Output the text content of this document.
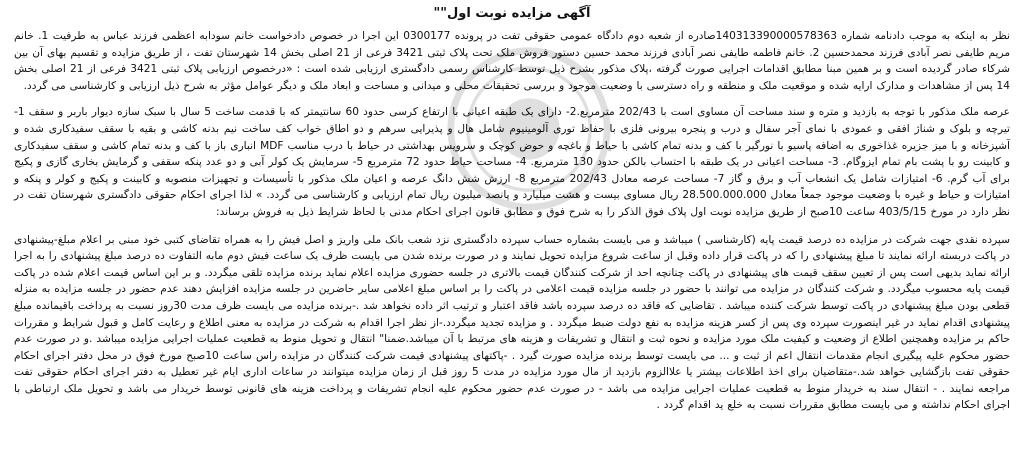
آگهی مزایده نوبت اول""

نظر به اینکه به موجب دادنامه شماره 140313390000578363صادره از شعبه دوم دادگاه عمومی حقوقی تفت در پرونده 0300177 این اجرا در خصوص دادخواست خانم سودابه اعظمی فرزند عباس به طرفیت 1. خانم مریم طایفی نصر آبادی فرزند محمدحسین 2. خانم فاطمه طایفی نصر آبادی فرزند محمد حسین دستور فروش ملک تحت پلاک ثبتی 3421 فرعی از 21 اصلی بخش 14 شهرستان تفت ، از طریق مزایده و تقسیم بهای آن بین شرکاء صادر گردیده است و بر همین مبنا مطابق اقدامات اجرایی صورت گرفته ،پلاک مذکور بشرح ذیل توسط کارشناس رسمی دادگستری ارزیابی شده است : «درخصوص ارزیابی پلاک ثبتی 3421 فرعی از 21 اصلی بخش 14 پس از مشاهدات و مدارک ارایه شده و موقعیت ملک و منطقه و راه دسترسی با وضعیت موجود و بررسی تحقیقات محلی و میدانی و مساحت و ابعاد ملک و دیگر عوامل مؤثر به شرح ذیل ارزیابی و کارشناسی می گردد.

عرصه ملک مذکور با توجه به بازدید و متره و سند مساحت آن مساوی است با 202/43 مترمربع.2- دارای یک طبقه اعیانی با ارتفاع کرسی حدود 60 سانتیمتر که با قدمت ساخت 5 سال با سبک سازه دیوار باربر و سقف 1- تیرچه و بلوک و شناژ افقی و عمودی با نمای آجر سفال و درب و پنجره بیرونی فلزی با حفاظ توری آلومینیوم شامل هال و پذیرایی سرهم و دو اطاق خواب کف ساخت نیم بدنه کاشی و بقیه با سقف سفیدکاری شده و آشپزخانه و با میز جزیره غذاخوری به اضافه پاسیو با نورگیر با کف و بدنه تمام کاشی با حیاط و باغچه و حوض کوچک و سرویس بهداشتی در حیاط با درب مناسب MDF انباری باز با کف و بدنه تمام کاشی و سقف سفیدکاری و کابینت رو با پشت بام تمام ایزوگام. 3- مساحت اعیانی در یک طبقه با احتساب بالکن حدود 130 مترمربع. 4- مساحت حیاط حدود 72 مترمربع 5- سرمایش یک کولر آبی و دو عدد پنکه سقفی و گرمایش بخاری گازی و پکیج برای آب گرم. 6- امتیازات شامل یک انشعاب آب و برق و گاز 7- مساحت عرصه معادل 202/43 مترمربع 8- ارزش شش دانگ عرصه و اعیان ملک مذکور با تأسیسات و تجهیزات منصوبه و کابینت و پکیج و کولر و پنکه و امتیازات و حیاط و غیره با وضعیت موجود جمعاً معادل 28.500.000.000 ریال مساوی بیست و هشت میلیارد و پانصد میلیون ریال تمام ارزیابی و کارشناسی می گردد. » لذا اجرای احکام حقوقی دادگستری شهرستان تفت در نظر دارد در مورخ 403/5/15 ساعت 10صبح از طریق مزایده نوبت اول پلاک فوق الذکر را به شرح فوق و مطابق قانون اجرای احکام مدنی با لحاظ شرایط ذیل به فروش برساند:

سپرده نقدی جهت شرکت در مزایده ده درصد قیمت پایه (کارشناسی ) میباشد و می بایست بشماره حساب سپرده دادگستری نزد شعب بانک ملی واریز و اصل فیش را به همراه تقاضای کتبی خود مبنی بر اعلام مبلغ-پیشنهادی در پاکت دربسته ارائه نمایند تا مبلغ پیشنهادی را که در پاکت قرار داده وقبل از ساعت شروع مزایده تحویل نمایند و در صورت برنده شدن می بایست ظرف یک ساعت فیش دوم مابه التفاوت ده درصد مبلغ پیشنهادی را به اجرا ارائه نماید بدیهی است پس از تعیین سقف قیمت های پیشنهادی در پاکت چنانچه احد از شرکت کنندگان قیمت بالاتری در جلسه حضوری مزایده اعلام نماید برنده مزایده تلقی میگردد. و بر این اساس قیمت اعلام شده در پاکت قیمت پایه محسوب میگردد. و شرکت کنندگان در مزایده می توانند با حضور در جلسه مزایده قیمت اعلامی در پاکت را بر اساس مبلغ اعلامی سایر حاضرین در جلسه مزایده افزایش دهند عدم حضور در جلسه مزایده به منزله قطعی بودن مبلغ پیشنهادی در پاکت توسط شرکت کننده میباشد . تقاضایی که فاقد ده درصد سپرده باشد فاقد اعتبار و ترتیب اثر داده نخواهد شد .-برنده مزایده می بایست ظرف مدت 30روز نسبت به پرداخت باقیمانده مبلغ پیشنهادی اقدام نماید در غیر اینصورت سپرده وی پس از کسر هزینه مزایده به نفع دولت ضبط میگردد . و مزایده تجدید میگردد.-از نظر اجرا اقدام به شرکت در مزایده به معنی اطلاع و رعایت کامل و قبول شرایط و مقررات حاکم بر مزایده وهمچنین اطلاع از وضعیت و کیفیت ملک مورد مزایده و نحوه ثبت و انتقال و تشریفات و هزینه های مرتبط با آن میباشد.ضمنا" انتقال و تحویل منوط به قطعیت عملیات اجرایی مزایده میباشد .و در صورت عدم حضور محکوم علیه پیگیری انجام مقدمات انتقال اعم از ثبت و ... می بایست توسط برنده مزایده صورت گیرد . -پاکتهای پیشنهادی قیمت شرکت کنندگان در مزایده راس ساعت 10صبح مورخ فوق در محل دفتر اجرای احکام حقوقی تفت بازگشایی خواهد شد.-متقاضیان برای اخذ اطلاعات بیشتر یا علاالزوم بازدید از مال مورد مزایده در مدت 5 روز قبل از زمان مزایده میتوانند در ساعات اداری ایام غیر تعطیل به دفتر اجرای احکام حقوقی تفت مراجعه نمایند . - انتقال سند به خریدار منوط به قطعیت عملیات اجرایی مزایده می باشد - در صورت عدم حضور محکوم علیه انجام تشریفات و پرداخت هزینه های قانونی توسط خریدار می باشد و تحویل ملک ارتباطی با اجرای احکام نداشته و می بایست مطابق مقررات نسبت به خلع ید اقدام گردد .
